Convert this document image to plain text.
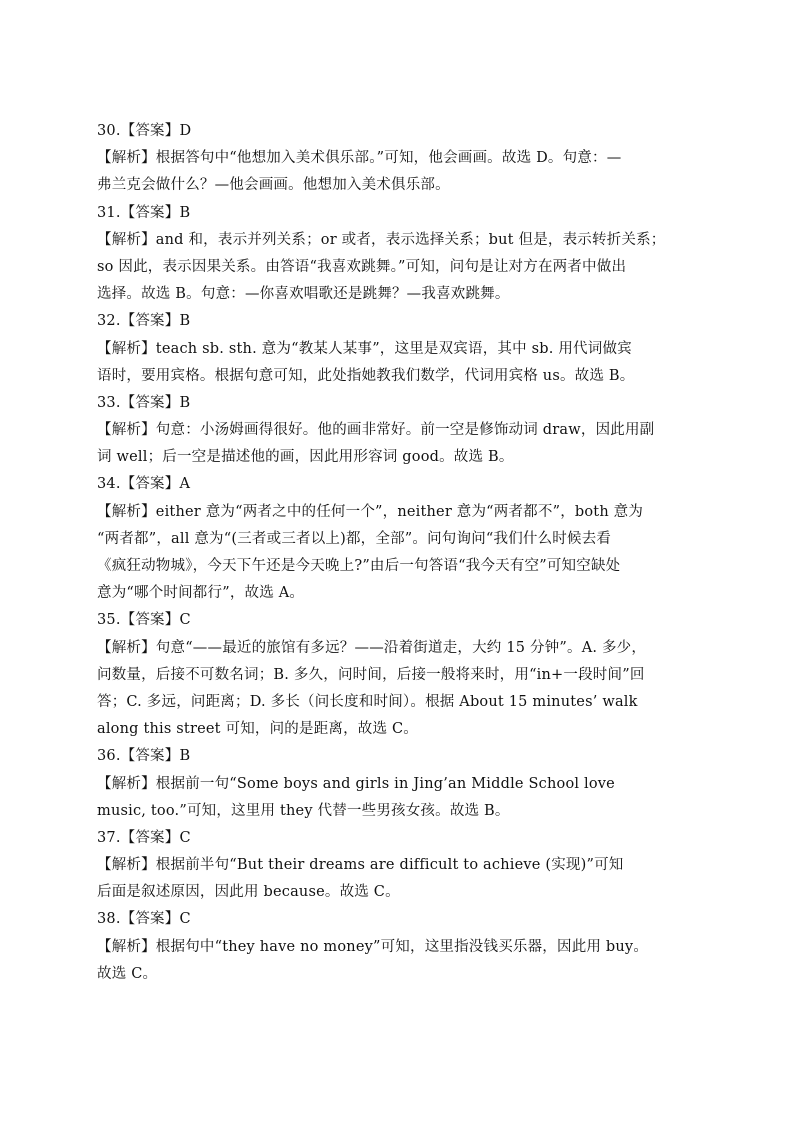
30.【答案】D
【解析】根据答句中“他想加入美术俱乐部。”可知，他会画画。故选 D。句意：—
弗兰克会做什么？—他会画画。他想加入美术俱乐部。
31.【答案】B
【解析】and 和，表示并列关系；or 或者，表示选择关系；but 但是，表示转折关系；
so 因此，表示因果关系。由答语“我喜欢跳舞。”可知，问句是让对方在两者中做出
选择。故选 B。句意：—你喜欢唱歌还是跳舞？—我喜欢跳舞。
32.【答案】B
【解析】teach sb. sth. 意为“教某人某事”，这里是双宾语，其中 sb. 用代词做宾
语时，要用宾格。根据句意可知，此处指她教我们数学，代词用宾格 us。故选 B。
33.【答案】B
【解析】句意：小汤姆画得很好。他的画非常好。前一空是修饰动词 draw，因此用副
词 well；后一空是描述他的画，因此用形容词 good。故选 B。
34.【答案】A
【解析】either 意为“两者之中的任何一个”，neither 意为“两者都不”，both 意为
“两者都”，all 意为“(三者或三者以上)都，全部”。问句询问“我们什么时候去看
《疯狂动物城》，今天下午还是今天晚上?”由后一句答语“我今天有空”可知空缺处
意为“哪个时间都行”，故选 A。
35.【答案】C
【解析】句意“——最近的旅馆有多远？——沿着街道走，大约 15 分钟”。A. 多少，
问数量，后接不可数名词；B. 多久，问时间，后接一般将来时，用“in+一段时间”回
答；C. 多远，问距离；D. 多长（问长度和时间）。根据 About 15 minutes’ walk
along this street 可知，问的是距离，故选 C。
36.【答案】B
【解析】根据前一句“Some boys and girls in Jing’an Middle School love
music, too.”可知，这里用 they 代替一些男孩女孩。故选 B。
37.【答案】C
【解析】根据前半句“But their dreams are difficult to achieve (实现)”可知
后面是叙述原因，因此用 because。故选 C。
38.【答案】C
【解析】根据句中“they have no money”可知，这里指没钱买乐器，因此用 buy。
故选 C。
